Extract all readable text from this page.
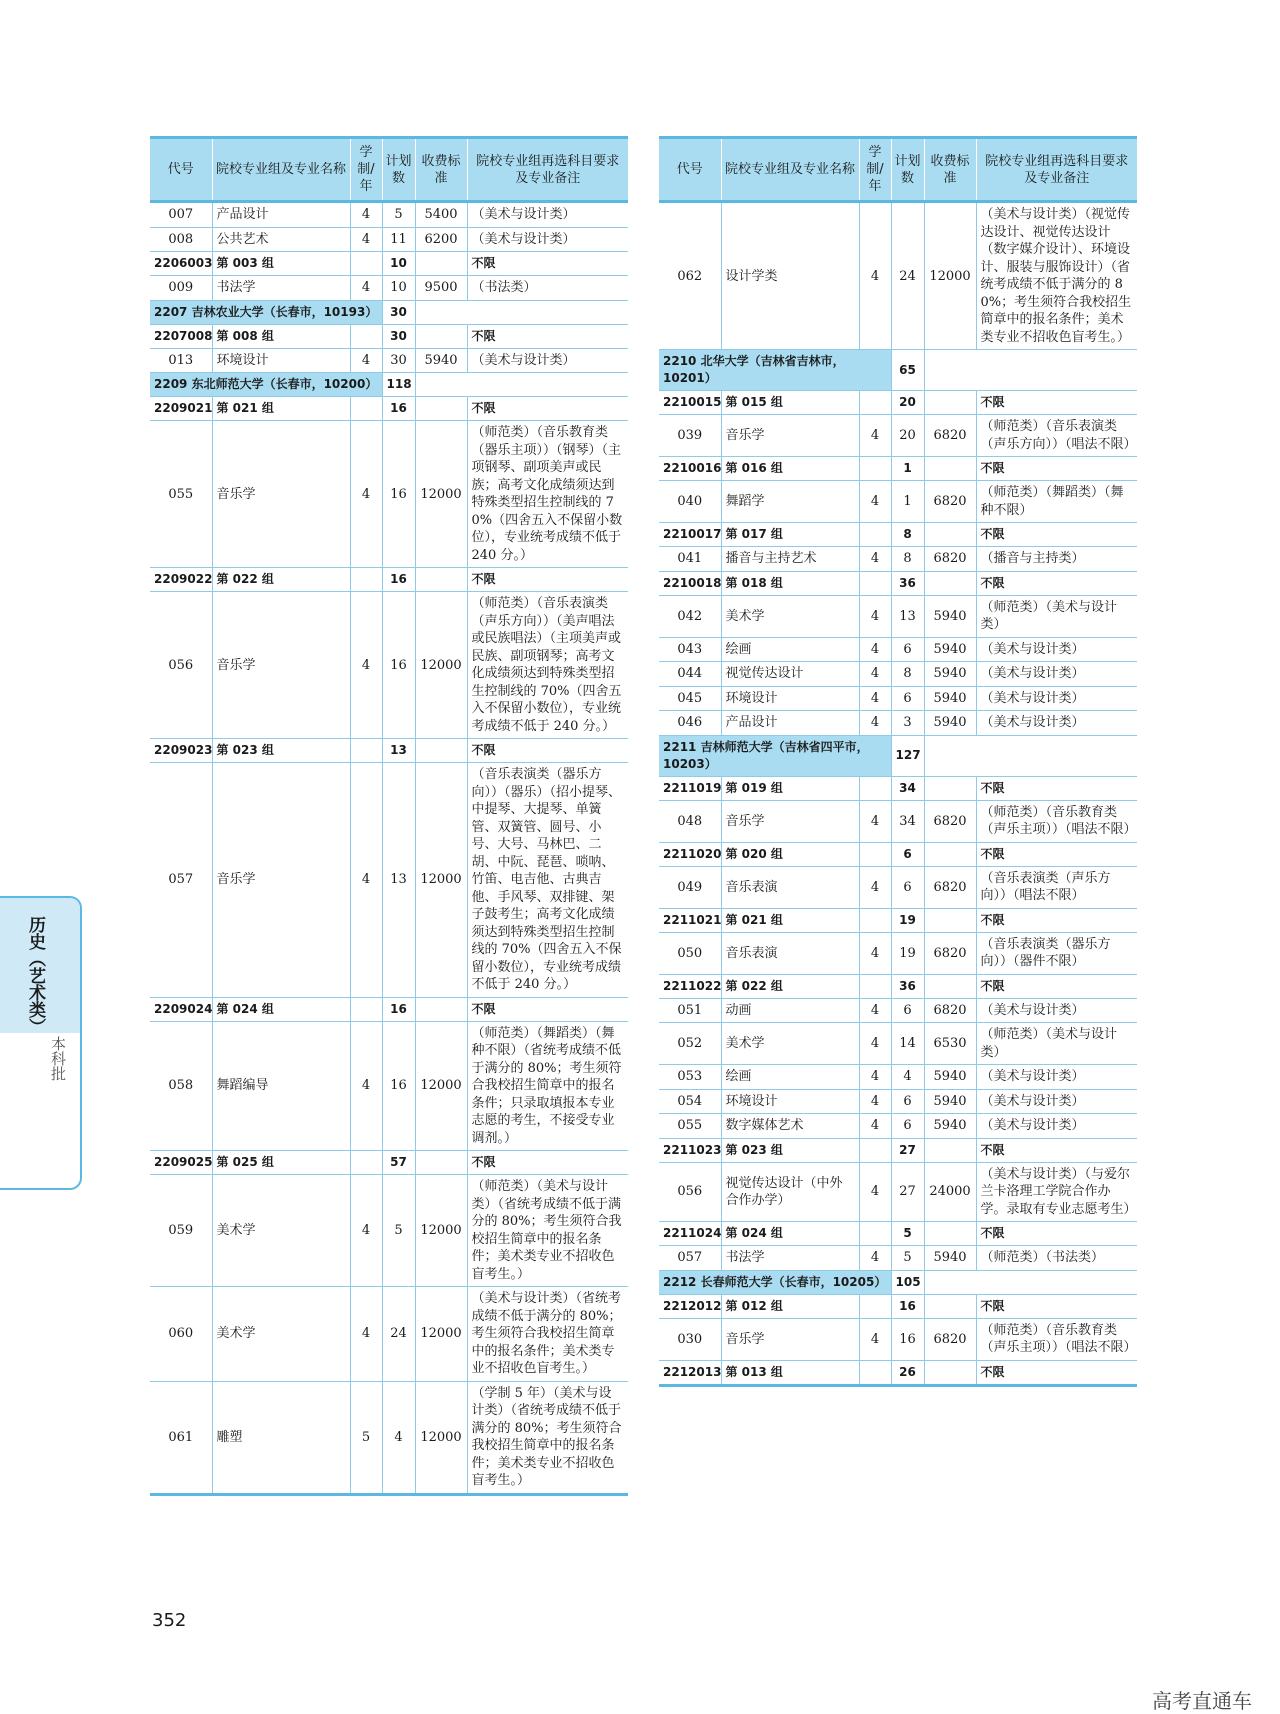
代号	院校专业组及专业名称	学制/年	计划数	收费标准	院校专业组再选科目要求及专业备注
007	产品设计	4	5	5400	（美术与设计类）
008	公共艺术	4	11	6200	（美术与设计类）
2206003	第 003 组		10		不限
009	书法学	4	10	9500	（书法类）
2207 吉林农业大学（长春市，10193）			30		
2207008	第 008 组		30		不限
013	环境设计	4	30	5940	（美术与设计类）
2209 东北师范大学（长春市，10200）			118		
2209021	第 021 组		16		不限
055	音乐学	4	16	12000	（师范类）（音乐教育类（器乐主项））（钢琴）（主项钢琴、副项美声或民族；高考文化成绩须达到特殊类型招生控制线的 70%（四舍五入不保留小数位），专业统考成绩不低于 240 分。）
2209022	第 022 组		16		不限
056	音乐学	4	16	12000	（师范类）（音乐表演类（声乐方向））（美声唱法或民族唱法）（主项美声或民族、副项钢琴；高考文化成绩须达到特殊类型招生控制线的 70%（四舍五入不保留小数位），专业统考成绩不低于 240 分。）
2209023	第 023 组		13		不限
057	音乐学	4	13	12000	（音乐表演类（器乐方向））（器乐）（招小提琴、中提琴、大提琴、单簧管、双簧管、圆号、小号、大号、马林巴、二胡、中阮、琵琶、唢呐、竹笛、电吉他、古典吉他、手风琴、双排键、架子鼓考生；高考文化成绩须达到特殊类型招生控制线的 70%（四舍五入不保留小数位），专业统考成绩不低于 240 分。）
2209024	第 024 组		16		不限
058	舞蹈编导	4	16	12000	（师范类）（舞蹈类）（舞种不限）（省统考成绩不低于满分的 80%；考生须符合我校招生简章中的报名条件；只录取填报本专业志愿的考生，不接受专业调剂。）
2209025	第 025 组		57		不限
059	美术学	4	5	12000	（师范类）（美术与设计类）（省统考成绩不低于满分的 80%；考生须符合我校招生简章中的报名条件；美术类专业不招收色盲考生。）
060	美术学	4	24	12000	（美术与设计类）（省统考成绩不低于满分的 80%；考生须符合我校招生简章中的报名条件；美术类专业不招收色盲考生。）
061	雕塑	5	4	12000	（学制 5 年）（美术与设计类）（省统考成绩不低于满分的 80%；考生须符合我校招生简章中的报名条件；美术类专业不招收色盲考生。）
代号	院校专业组及专业名称	学制/年	计划数	收费标准	院校专业组再选科目要求及专业备注
062	设计学类	4	24	12000	（美术与设计类）（视觉传达设计、视觉传达设计（数字媒介设计）、环境设计、服装与服饰设计）（省统考成绩不低于满分的 80%；考生须符合我校招生简章中的报名条件；美术类专业不招收色盲考生。）
2210 北华大学（吉林省吉林市，10201）			65		
2210015	第 015 组		20		不限
039	音乐学	4	20	6820	（师范类）（音乐表演类（声乐方向））（唱法不限）
2210016	第 016 组		1		不限
040	舞蹈学	4	1	6820	（师范类）（舞蹈类）（舞种不限）
2210017	第 017 组		8		不限
041	播音与主持艺术	4	8	6820	（播音与主持类）
2210018	第 018 组		36		不限
042	美术学	4	13	5940	（师范类）（美术与设计类）
043	绘画	4	6	5940	（美术与设计类）
044	视觉传达设计	4	8	5940	（美术与设计类）
045	环境设计	4	6	5940	（美术与设计类）
046	产品设计	4	3	5940	（美术与设计类）
2211 吉林师范大学（吉林省四平市，10203）			127		
2211019	第 019 组		34		不限
048	音乐学	4	34	6820	（师范类）（音乐教育类（声乐主项））（唱法不限）
2211020	第 020 组		6		不限
049	音乐表演	4	6	6820	（音乐表演类（声乐方向））（唱法不限）
2211021	第 021 组		19		不限
050	音乐表演	4	19	6820	（音乐表演类（器乐方向））（器件不限）
2211022	第 022 组		36		不限
051	动画	4	6	6820	（美术与设计类）
052	美术学	4	14	6530	（师范类）（美术与设计类）
053	绘画	4	4	5940	（美术与设计类）
054	环境设计	4	6	5940	（美术与设计类）
055	数字媒体艺术	4	6	5940	（美术与设计类）
2211023	第 023 组		27		不限
056	视觉传达设计（中外合作办学）	4	27	24000	（美术与设计类）（与爱尔兰卡洛理工学院合作办学。录取有专业志愿考生）
2211024	第 024 组		5		不限
057	书法学	4	5	5940	（师范类）（书法类）
2212 长春师范大学（长春市，10205）			105		
2212012	第 012 组		16		不限
030	音乐学	4	16	6820	（师范类）（音乐教育类（声乐主项））（唱法不限）
2212013	第 013 组		26		不限
历史（艺术类）
本科批
352
高考直通车
